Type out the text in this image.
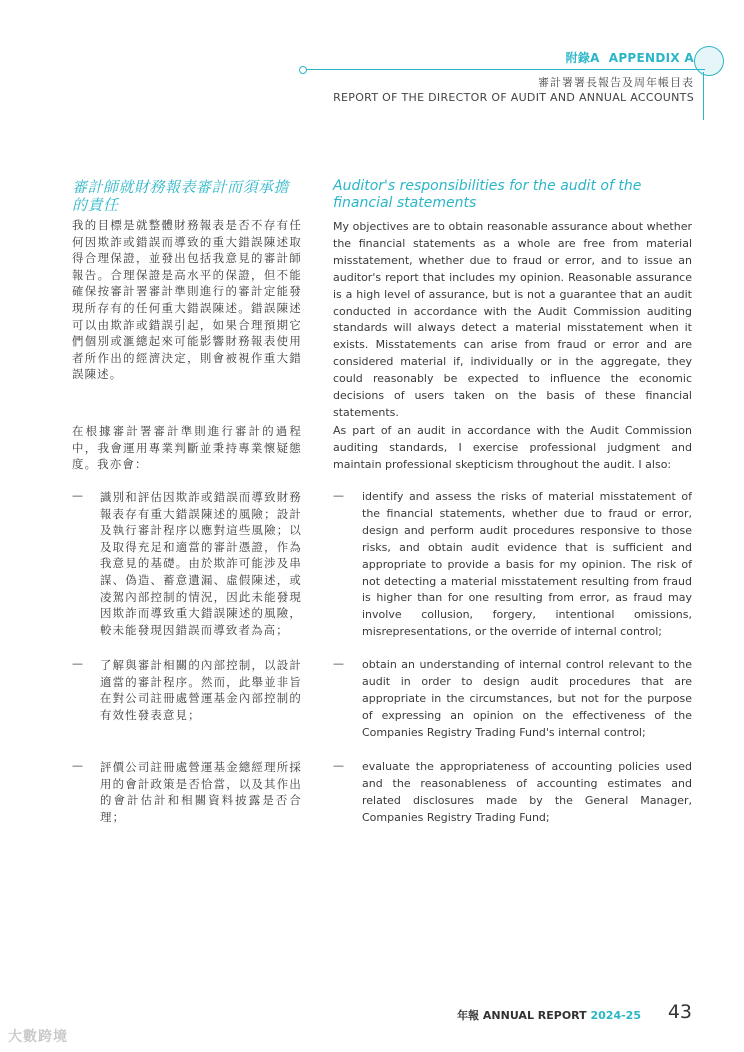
附錄A APPENDIX A
審計署署長報告及周年帳目表
REPORT OF THE DIRECTOR OF AUDIT AND ANNUAL ACCOUNTS
審計師就財務報表審計而須承擔的責任
我的目標是就整體財務報表是否不存有任何因欺詐或錯誤而導致的重大錯誤陳述取得合理保證，並發出包括我意見的審計師報告。合理保證是高水平的保證，但不能確保按審計署審計準則進行的審計定能發現所存有的任何重大錯誤陳述。錯誤陳述可以由欺詐或錯誤引起，如果合理預期它們個別或滙總起來可能影響財務報表使用者所作出的經濟決定，則會被視作重大錯誤陳述。
在根據審計署審計準則進行審計的過程中，我會運用專業判斷並秉持專業懷疑態度。我亦會：
— 識別和評估因欺詐或錯誤而導致財務報表存有重大錯誤陳述的風險；設計及執行審計程序以應對這些風險；以及取得充足和適當的審計憑證，作為我意見的基礎。由於欺詐可能涉及串謀、偽造、蓄意遺漏、虛假陳述，或凌駕內部控制的情況，因此未能發現因欺詐而導致重大錯誤陳述的風險，較未能發現因錯誤而導致者為高；
— 了解與審計相關的內部控制，以設計適當的審計程序。然而，此舉並非旨在對公司註冊處營運基金內部控制的有效性發表意見；
— 評價公司註冊處營運基金總經理所採用的會計政策是否恰當，以及其作出的會計估計和相關資料披露是否合理；
Auditor's responsibilities for the audit of the financial statements
My objectives are to obtain reasonable assurance about whether the financial statements as a whole are free from material misstatement, whether due to fraud or error, and to issue an auditor's report that includes my opinion. Reasonable assurance is a high level of assurance, but is not a guarantee that an audit conducted in accordance with the Audit Commission auditing standards will always detect a material misstatement when it exists. Misstatements can arise from fraud or error and are considered material if, individually or in the aggregate, they could reasonably be expected to influence the economic decisions of users taken on the basis of these financial statements.
As part of an audit in accordance with the Audit Commission auditing standards, I exercise professional judgment and maintain professional skepticism throughout the audit. I also:
— identify and assess the risks of material misstatement of the financial statements, whether due to fraud or error, design and perform audit procedures responsive to those risks, and obtain audit evidence that is sufficient and appropriate to provide a basis for my opinion. The risk of not detecting a material misstatement resulting from fraud is higher than for one resulting from error, as fraud may involve collusion, forgery, intentional omissions, misrepresentations, or the override of internal control;
— obtain an understanding of internal control relevant to the audit in order to design audit procedures that are appropriate in the circumstances, but not for the purpose of expressing an opinion on the effectiveness of the Companies Registry Trading Fund's internal control;
— evaluate the appropriateness of accounting policies used and the reasonableness of accounting estimates and related disclosures made by the General Manager, Companies Registry Trading Fund;
年報 ANNUAL REPORT 2024-25 43
大數跨境
